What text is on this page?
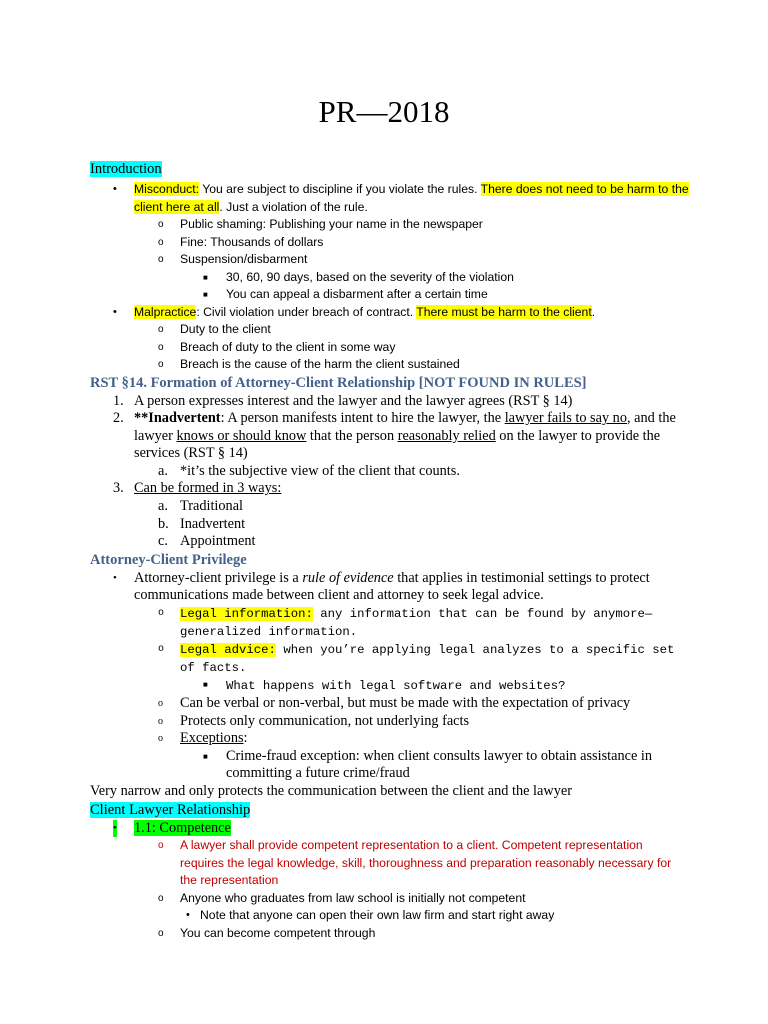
PR—2018
Introduction
• Misconduct: You are subject to discipline if you violate the rules. There does not need to be harm to the client here at all. Just a violation of the rule.
o Public shaming: Publishing your name in the newspaper
o Fine: Thousands of dollars
o Suspension/disbarment
■ 30, 60, 90 days, based on the severity of the violation
■ You can appeal a disbarment after a certain time
• Malpractice: Civil violation under breach of contract. There must be harm to the client.
o Duty to the client
o Breach of duty to the client in some way
o Breach is the cause of the harm the client sustained
RST §14. Formation of Attorney-Client Relationship [NOT FOUND IN RULES]
1. A person expresses interest and the lawyer and the lawyer agrees (RST § 14)
2. **Inadvertent: A person manifests intent to hire the lawyer, the lawyer fails to say no, and the lawyer knows or should know that the person reasonably relied on the lawyer to provide the services (RST § 14)
a. *it’s the subjective view of the client that counts.
3. Can be formed in 3 ways:
a. Traditional
b. Inadvertent
c. Appointment
Attorney-Client Privilege
• Attorney-client privilege is a rule of evidence that applies in testimonial settings to protect communications made between client and attorney to seek legal advice.
o Legal information: any information that can be found by anymore—generalized information.
o Legal advice: when you’re applying legal analyzes to a specific set of facts.
■ What happens with legal software and websites?
o Can be verbal or non-verbal, but must be made with the expectation of privacy
o Protects only communication, not underlying facts
o Exceptions:
■ Crime-fraud exception: when client consults lawyer to obtain assistance in committing a future crime/fraud
Very narrow and only protects the communication between the client and the lawyer
Client Lawyer Relationship
• 1.1: Competence
o A lawyer shall provide competent representation to a client. Competent representation requires the legal knowledge, skill, thoroughness and preparation reasonably necessary for the representation
o Anyone who graduates from law school is initially not competent
• Note that anyone can open their own law firm and start right away
o You can become competent through
